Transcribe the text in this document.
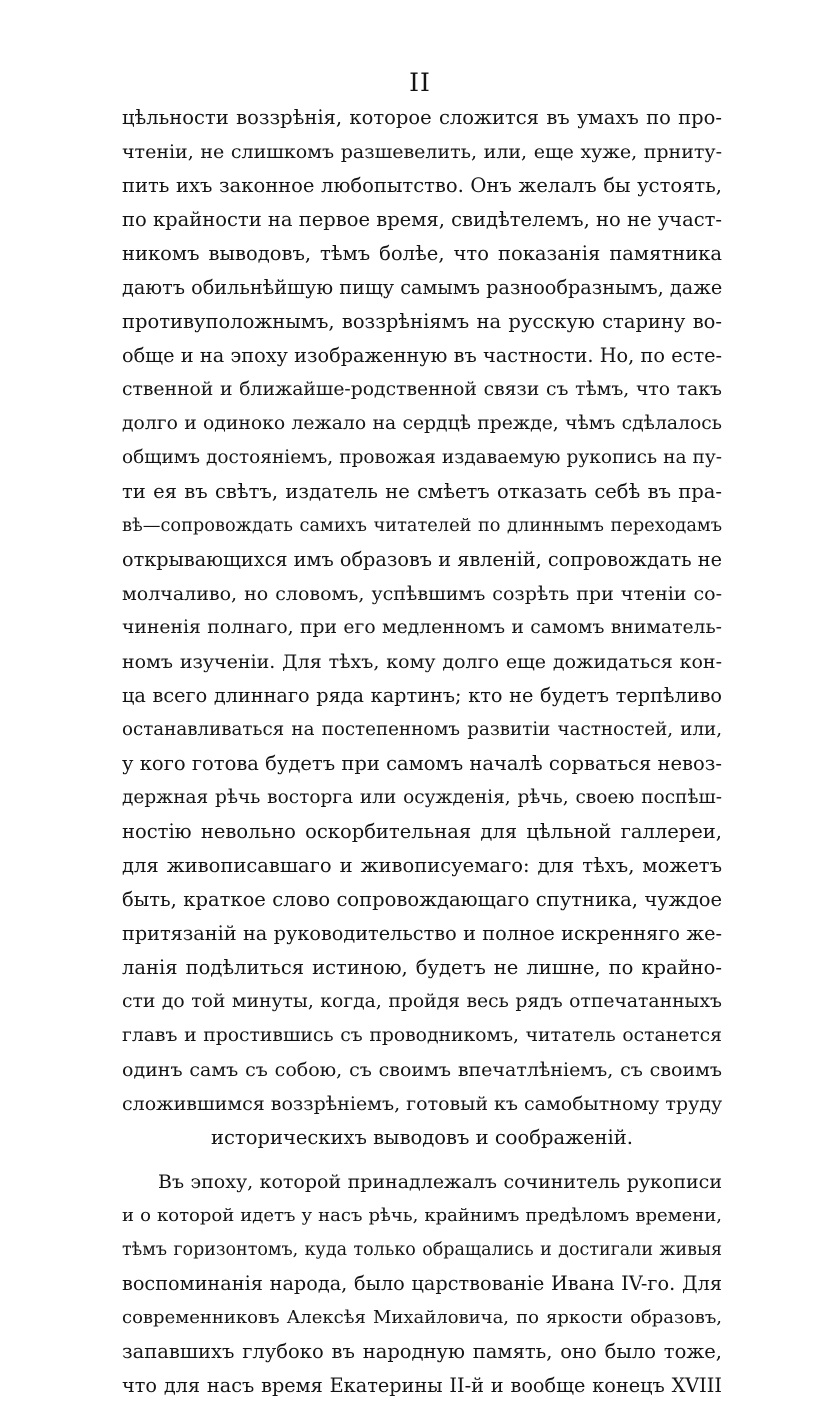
II
цѣльности воззрѣнія, которое сложится въ умахъ по про-
чтеніи, не слишкомъ разшевелить, или, еще хуже, прниту-
пить ихъ законное любопытство. Онъ желалъ бы устоять,
по крайности на первое время, свидѣтелемъ, но не участ-
никомъ выводовъ, тѣмъ болѣе, что показанія памятника
даютъ обильнѣйшую пищу самымъ разнообразнымъ, даже
противуположнымъ, воззрѣніямъ на русскую старину во-
обще и на эпоху изображенную въ частности. Но, по есте-
ственной и ближайше-родственной связи съ тѣмъ, что такъ
долго и одиноко лежало на сердцѣ прежде, чѣмъ сдѣлалось
общимъ достояніемъ, провожая издаваемую рукопись на пу-
ти ея въ свѣтъ, издатель не смѣетъ отказать себѣ въ пра-
вѣ—сопровождать самихъ читателей по длиннымъ переходамъ
открывающихся имъ образовъ и явленій, сопровождать не
молчаливо, но словомъ, успѣвшимъ созрѣть при чтеніи со-
чиненія полнаго, при его медленномъ и самомъ вниматель-
номъ изученіи. Для тѣхъ, кому долго еще дожидаться кон-
ца всего длиннаго ряда картинъ; кто не будетъ терпѣливо
останавливаться на постепенномъ развитіи частностей, или,
у кого готова будетъ при самомъ началѣ сорваться невоз-
держная рѣчь восторга или осужденія, рѣчь, своею поспѣш-
ностію невольно оскорбительная для цѣльной галлереи,
для живописавшаго и живописуемаго: для тѣхъ, можетъ
быть, краткое слово сопровождающаго спутника, чуждое
притязаній на руководительство и полное искренняго же-
ланія подѣлиться истиною, будетъ не лишне, по крайно-
сти до той минуты, когда, пройдя весь рядъ отпечатанныхъ
главъ и простившись съ проводникомъ, читатель останется
одинъ самъ съ собою, съ своимъ впечатлѣніемъ, съ своимъ
сложившимся воззрѣніемъ, готовый къ самобытному труду
историческихъ выводовъ и соображеній.
Въ эпоху, которой принадлежалъ сочинитель рукописи
и о которой идетъ у насъ рѣчь, крайнимъ предѣломъ времени,
тѣмъ горизонтомъ, куда только обращались и достигали живыя
воспоминанія народа, было царствованіе Ивана IV-го. Для
современниковъ Алексѣя Михайловича, по яркости образовъ,
запавшихъ глубоко въ народную память, оно было тоже,
что для насъ время Екатерины II-й и вообще конецъ XVIII
